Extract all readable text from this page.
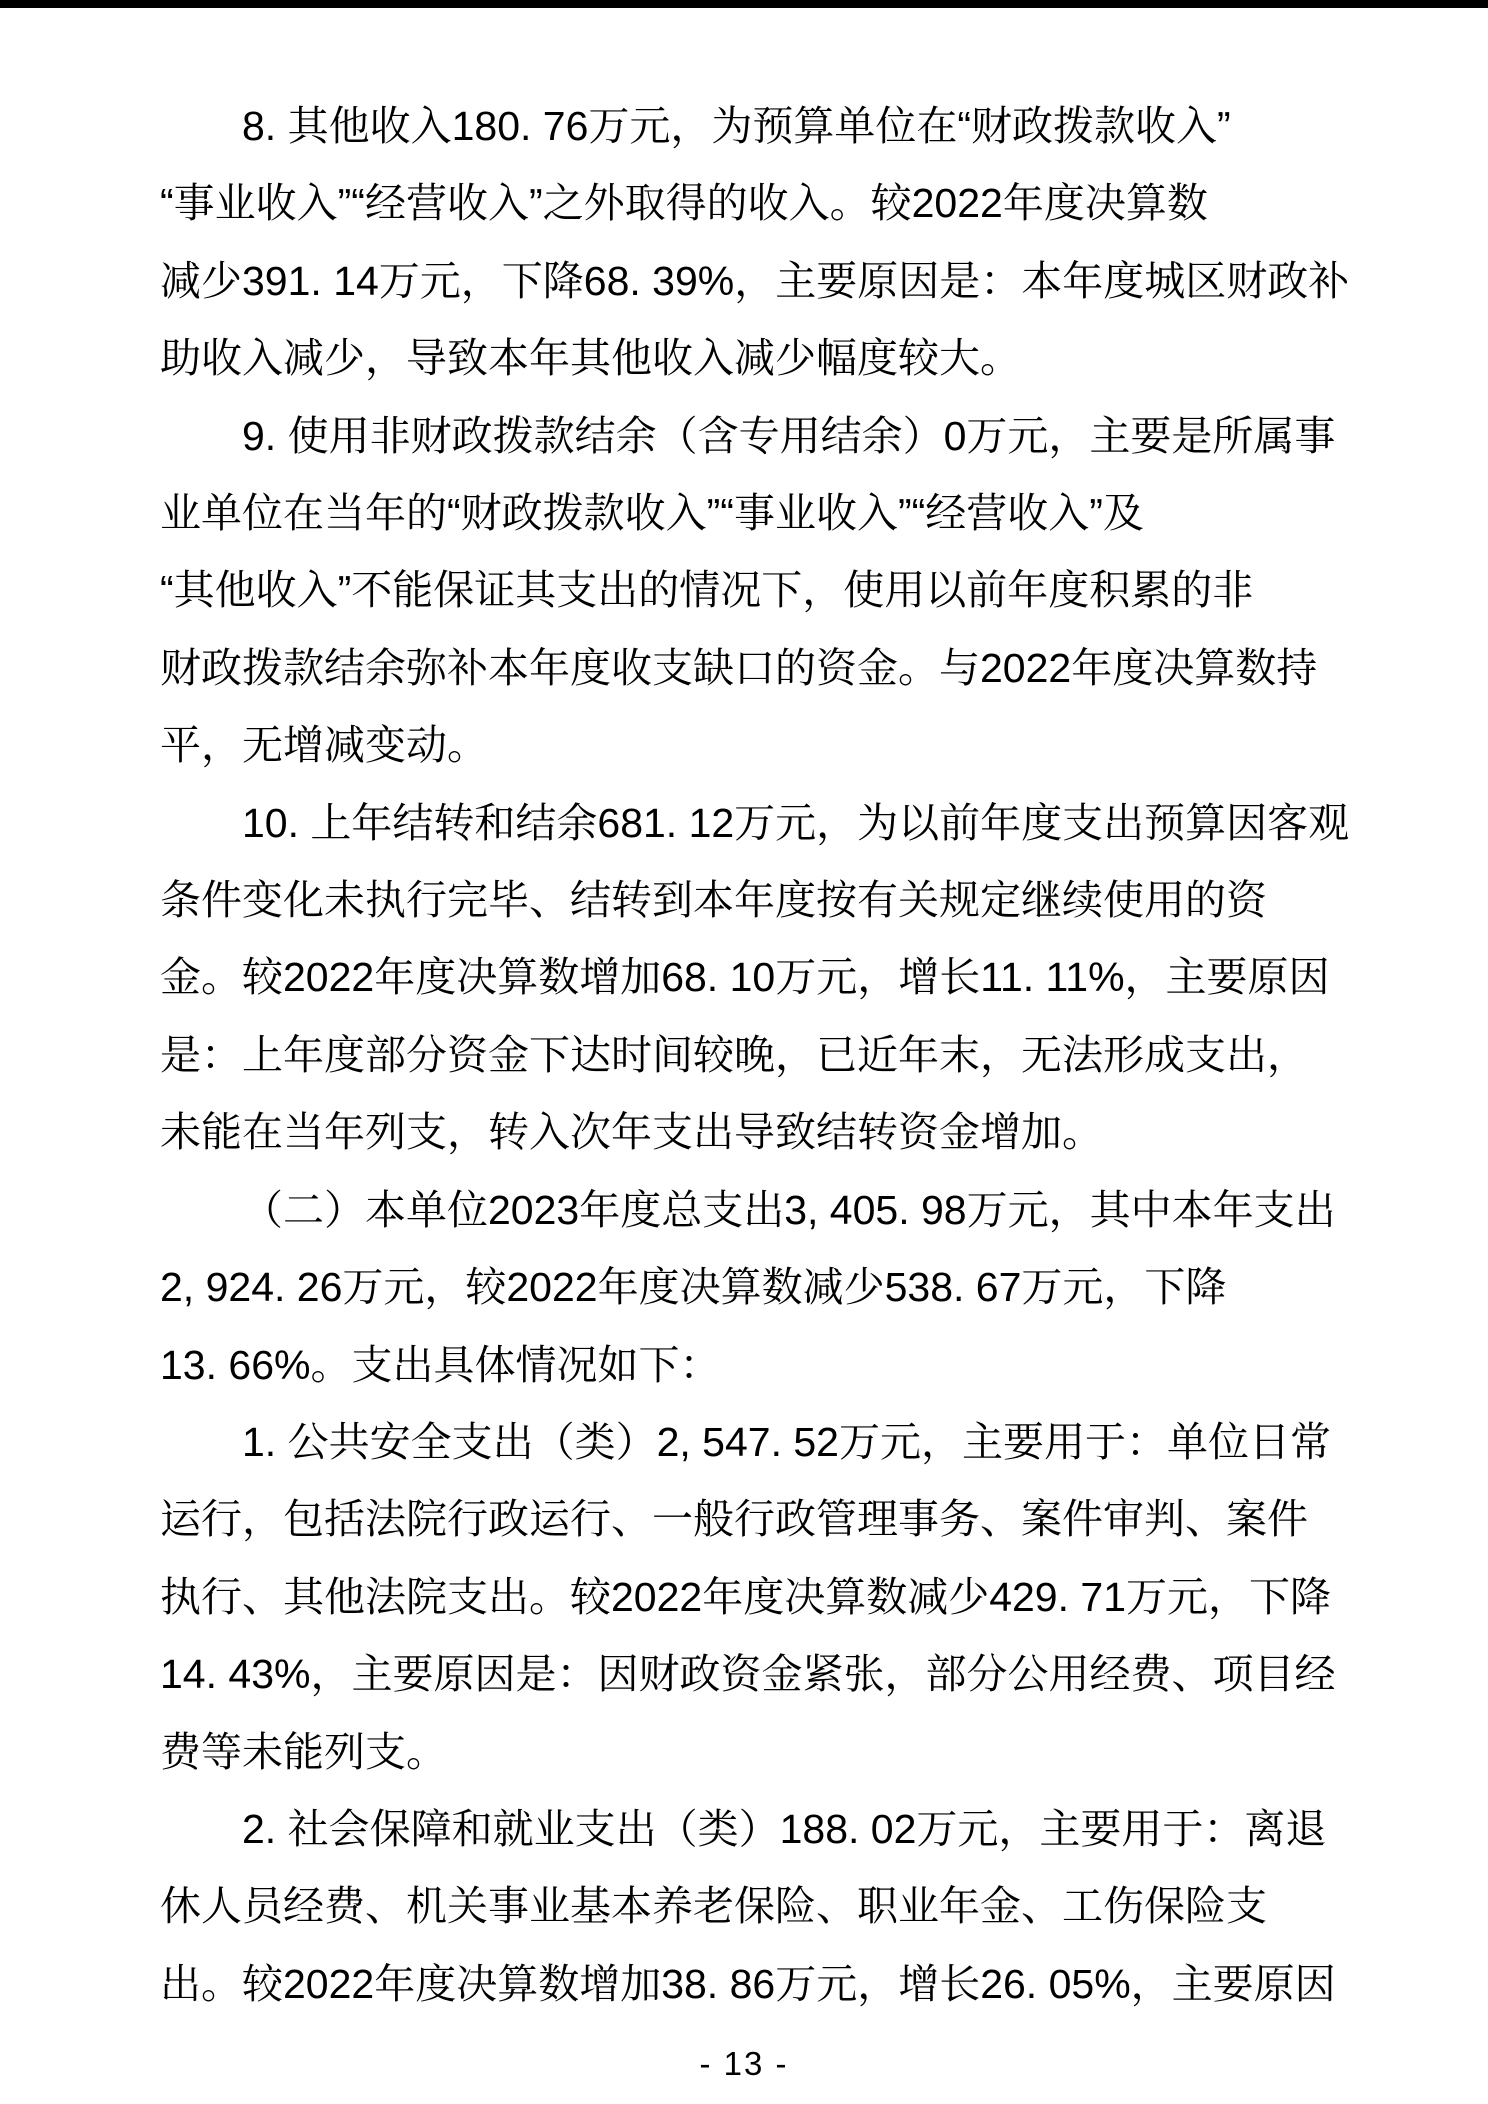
8. 其他收入180. 76万元，为预算单位在“财政拨款收入”
“事业收入”“经营收入”之外取得的收入。较2022年度决算数
减少391. 14万元，下降68. 39%，主要原因是：本年度城区财政补
助收入减少，导致本年其他收入减少幅度较大。
9. 使用非财政拨款结余（含专用结余）0万元，主要是所属事
业单位在当年的“财政拨款收入”“事业收入”“经营收入”及
“其他收入”不能保证其支出的情况下，使用以前年度积累的非
财政拨款结余弥补本年度收支缺口的资金。与2022年度决算数持
平，无增减变动。
10. 上年结转和结余681. 12万元，为以前年度支出预算因客观
条件变化未执行完毕、结转到本年度按有关规定继续使用的资
金。较2022年度决算数增加68. 10万元，增长11. 11%，主要原因
是：上年度部分资金下达时间较晚，已近年末，无法形成支出，
未能在当年列支，转入次年支出导致结转资金增加。
（二）本单位2023年度总支出3, 405. 98万元，其中本年支出
2, 924. 26万元，较2022年度决算数减少538. 67万元，下降
13. 66%。支出具体情况如下：
1. 公共安全支出（类）2, 547. 52万元，主要用于：单位日常
运行，包括法院行政运行、一般行政管理事务、案件审判、案件
执行、其他法院支出。较2022年度决算数减少429. 71万元，下降
14. 43%，主要原因是：因财政资金紧张，部分公用经费、项目经
费等未能列支。
2. 社会保障和就业支出（类）188. 02万元，主要用于：离退
休人员经费、机关事业基本养老保险、职业年金、工伤保险支
出。较2022年度决算数增加38. 86万元，增长26. 05%，主要原因
- 13 -
